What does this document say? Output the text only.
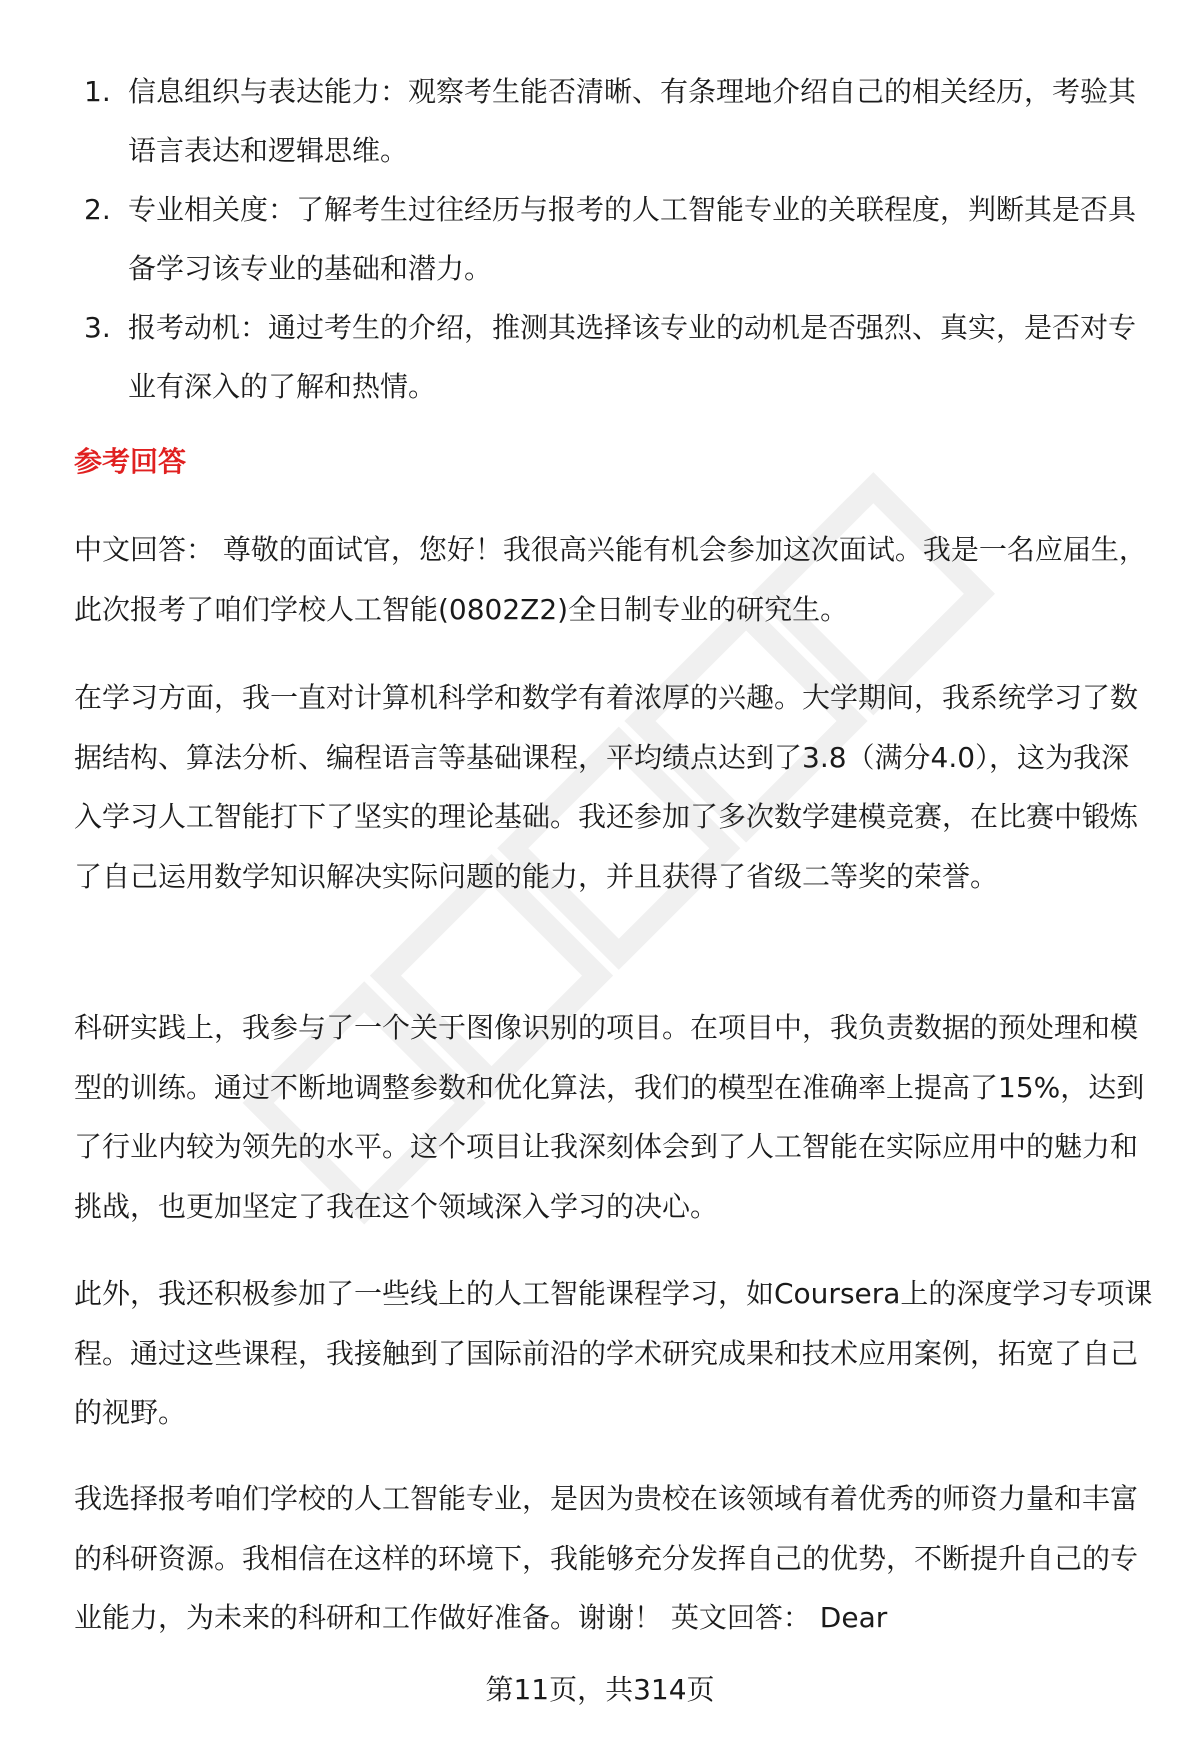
1. 信息组织与表达能力：观察考生能否清晰、有条理地介绍自己的相关经历，考验其语言表达和逻辑思维。
2. 专业相关度：了解考生过往经历与报考的人工智能专业的关联程度，判断其是否具备学习该专业的基础和潜力。
3. 报考动机：通过考生的介绍，推测其选择该专业的动机是否强烈、真实，是否对专业有深入的了解和热情。
参考回答

中文回答： 尊敬的面试官，您好！我很高兴能有机会参加这次面试。我是一名应届生，此次报考了咱们学校人工智能(0802Z2)全日制专业的研究生。

在学习方面，我一直对计算机科学和数学有着浓厚的兴趣。大学期间，我系统学习了数据结构、算法分析、编程语言等基础课程，平均绩点达到了3.8（满分4.0），这为我深入学习人工智能打下了坚实的理论基础。我还参加了多次数学建模竞赛，在比赛中锻炼了自己运用数学知识解决实际问题的能力，并且获得了省级二等奖的荣誉。

科研实践上，我参与了一个关于图像识别的项目。在项目中，我负责数据的预处理和模型的训练。通过不断地调整参数和优化算法，我们的模型在准确率上提高了15%，达到了行业内较为领先的水平。这个项目让我深刻体会到了人工智能在实际应用中的魅力和挑战，也更加坚定了我在这个领域深入学习的决心。

此外，我还积极参加了一些线上的人工智能课程学习，如Coursera上的深度学习专项课程。通过这些课程，我接触到了国际前沿的学术研究成果和技术应用案例，拓宽了自己的视野。

我选择报考咱们学校的人工智能专业，是因为贵校在该领域有着优秀的师资力量和丰富的科研资源。我相信在这样的环境下，我能够充分发挥自己的优势，不断提升自己的专业能力，为未来的科研和工作做好准备。谢谢！ 英文回答： Dear

第11页，共314页
